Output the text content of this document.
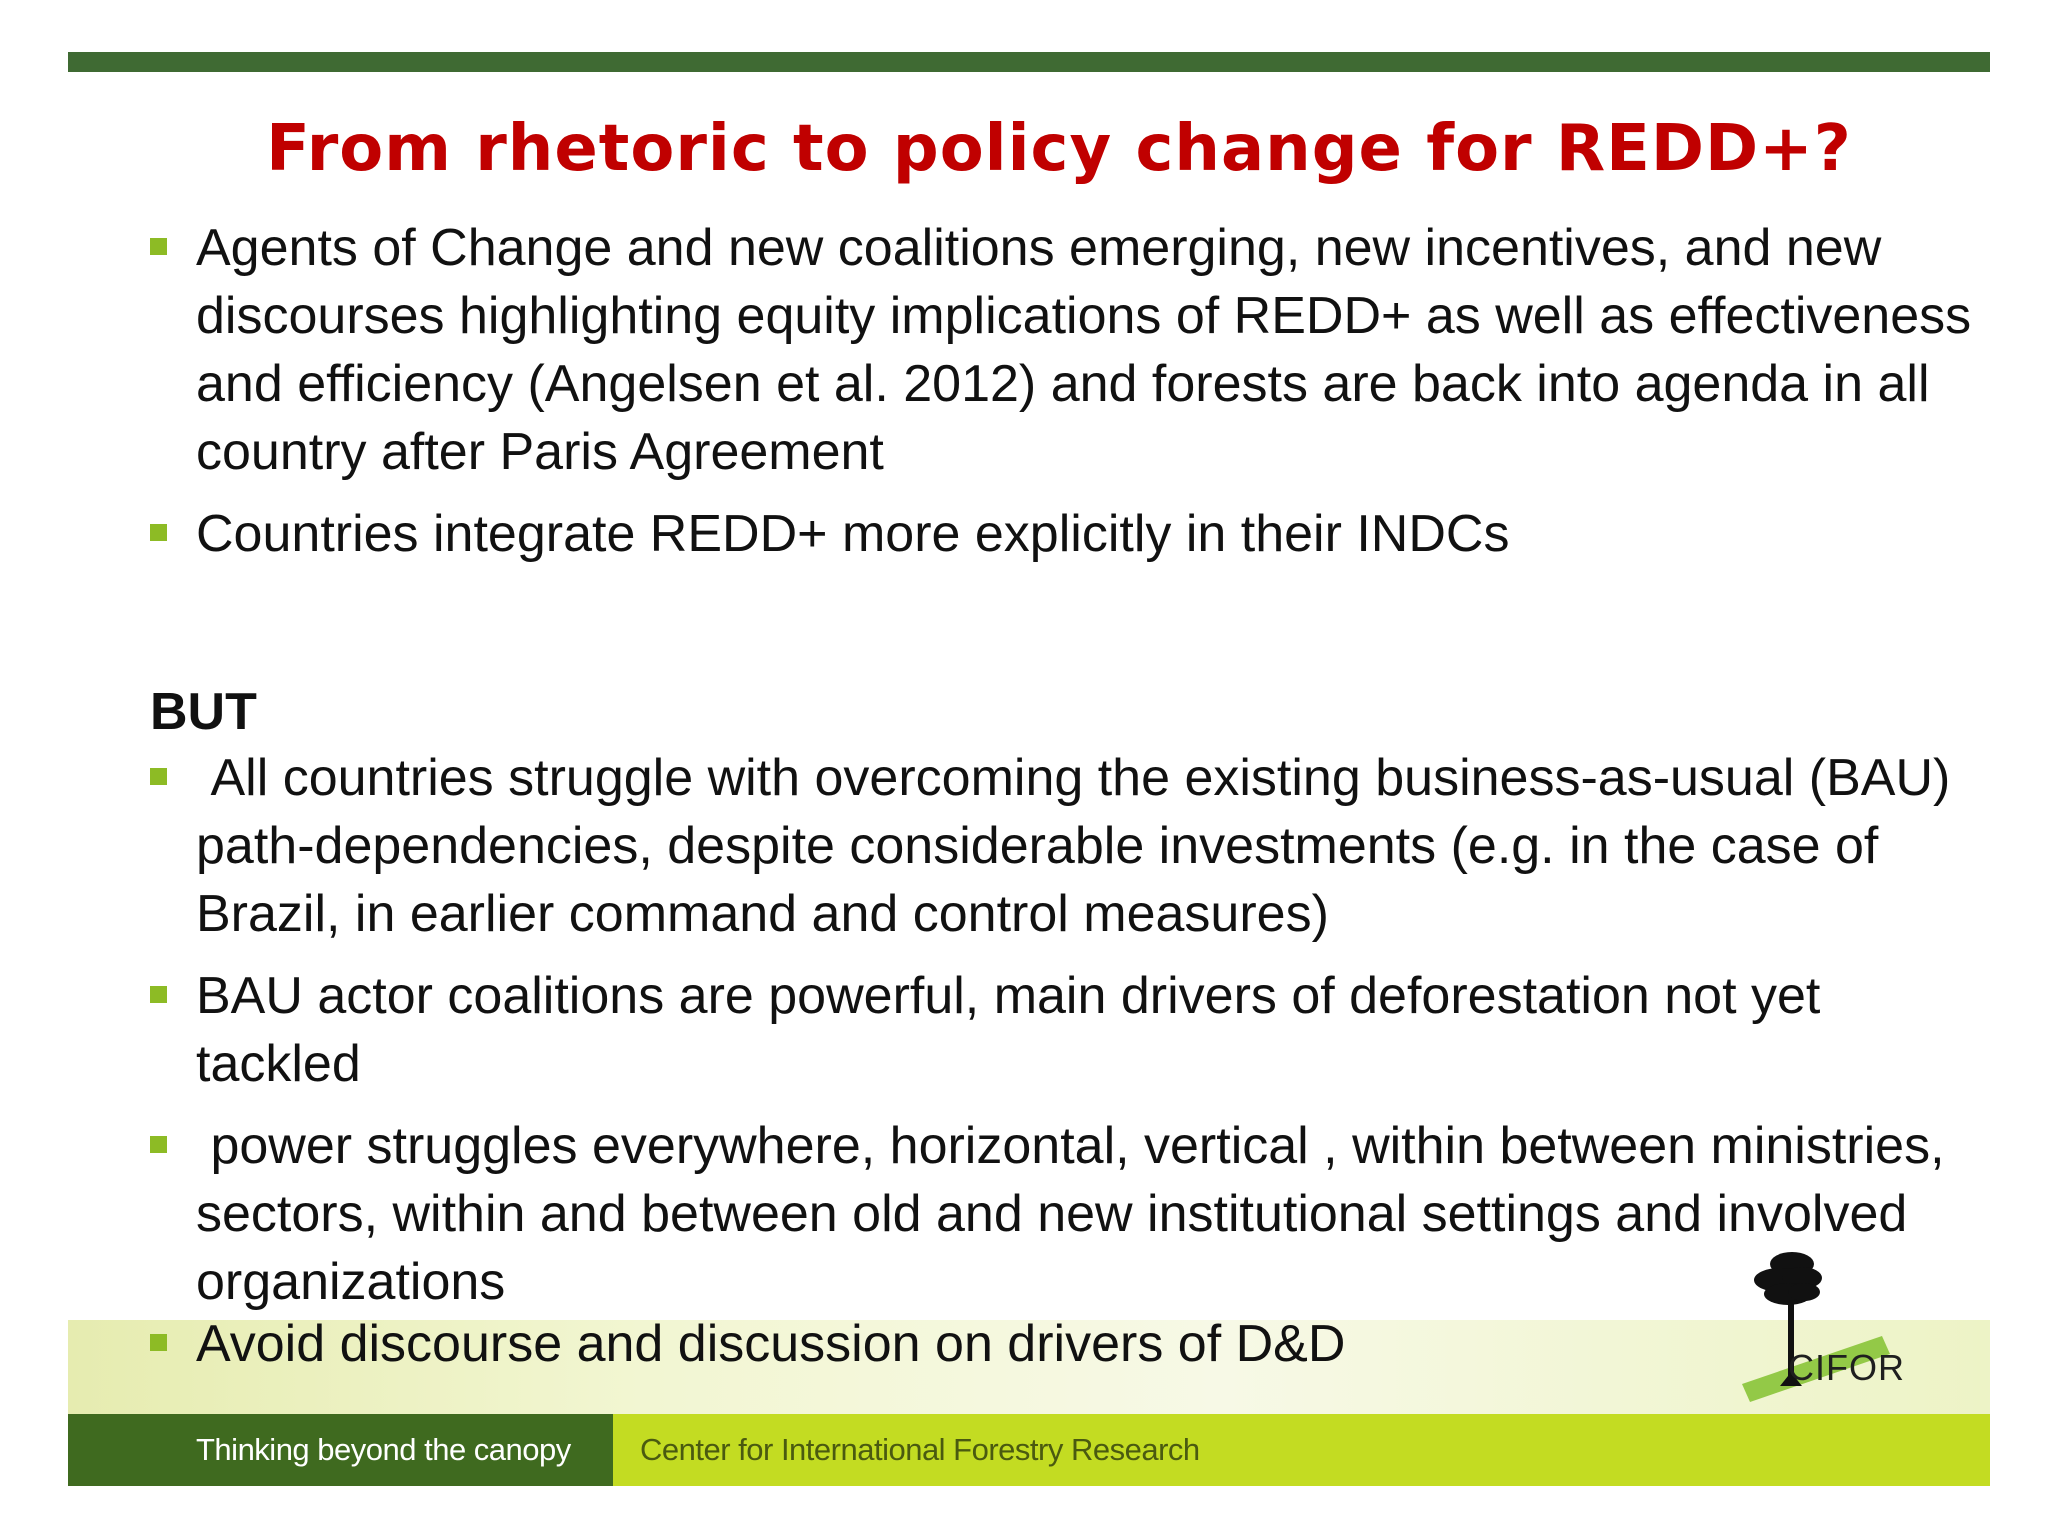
From rhetoric to policy change for REDD+?
Agents of Change and new coalitions emerging, new incentives, and new discourses highlighting equity implications of REDD+ as well as effectiveness and efficiency (Angelsen et al. 2012) and forests are back into agenda in all country after Paris Agreement
Countries integrate REDD+ more explicitly in their INDCs
BUT
All countries struggle with overcoming the existing business-as-usual (BAU) path-dependencies, despite considerable investments (e.g. in the case of Brazil, in earlier command and control measures)
BAU actor coalitions are powerful, main drivers of deforestation not yet tackled
power struggles everywhere, horizontal, vertical , within between ministries, sectors, within and between old and new institutional settings and involved organizations
Avoid discourse and discussion on drivers of D&D	CIFOR
Thinking beyond the canopy	Center for International Forestry Research
